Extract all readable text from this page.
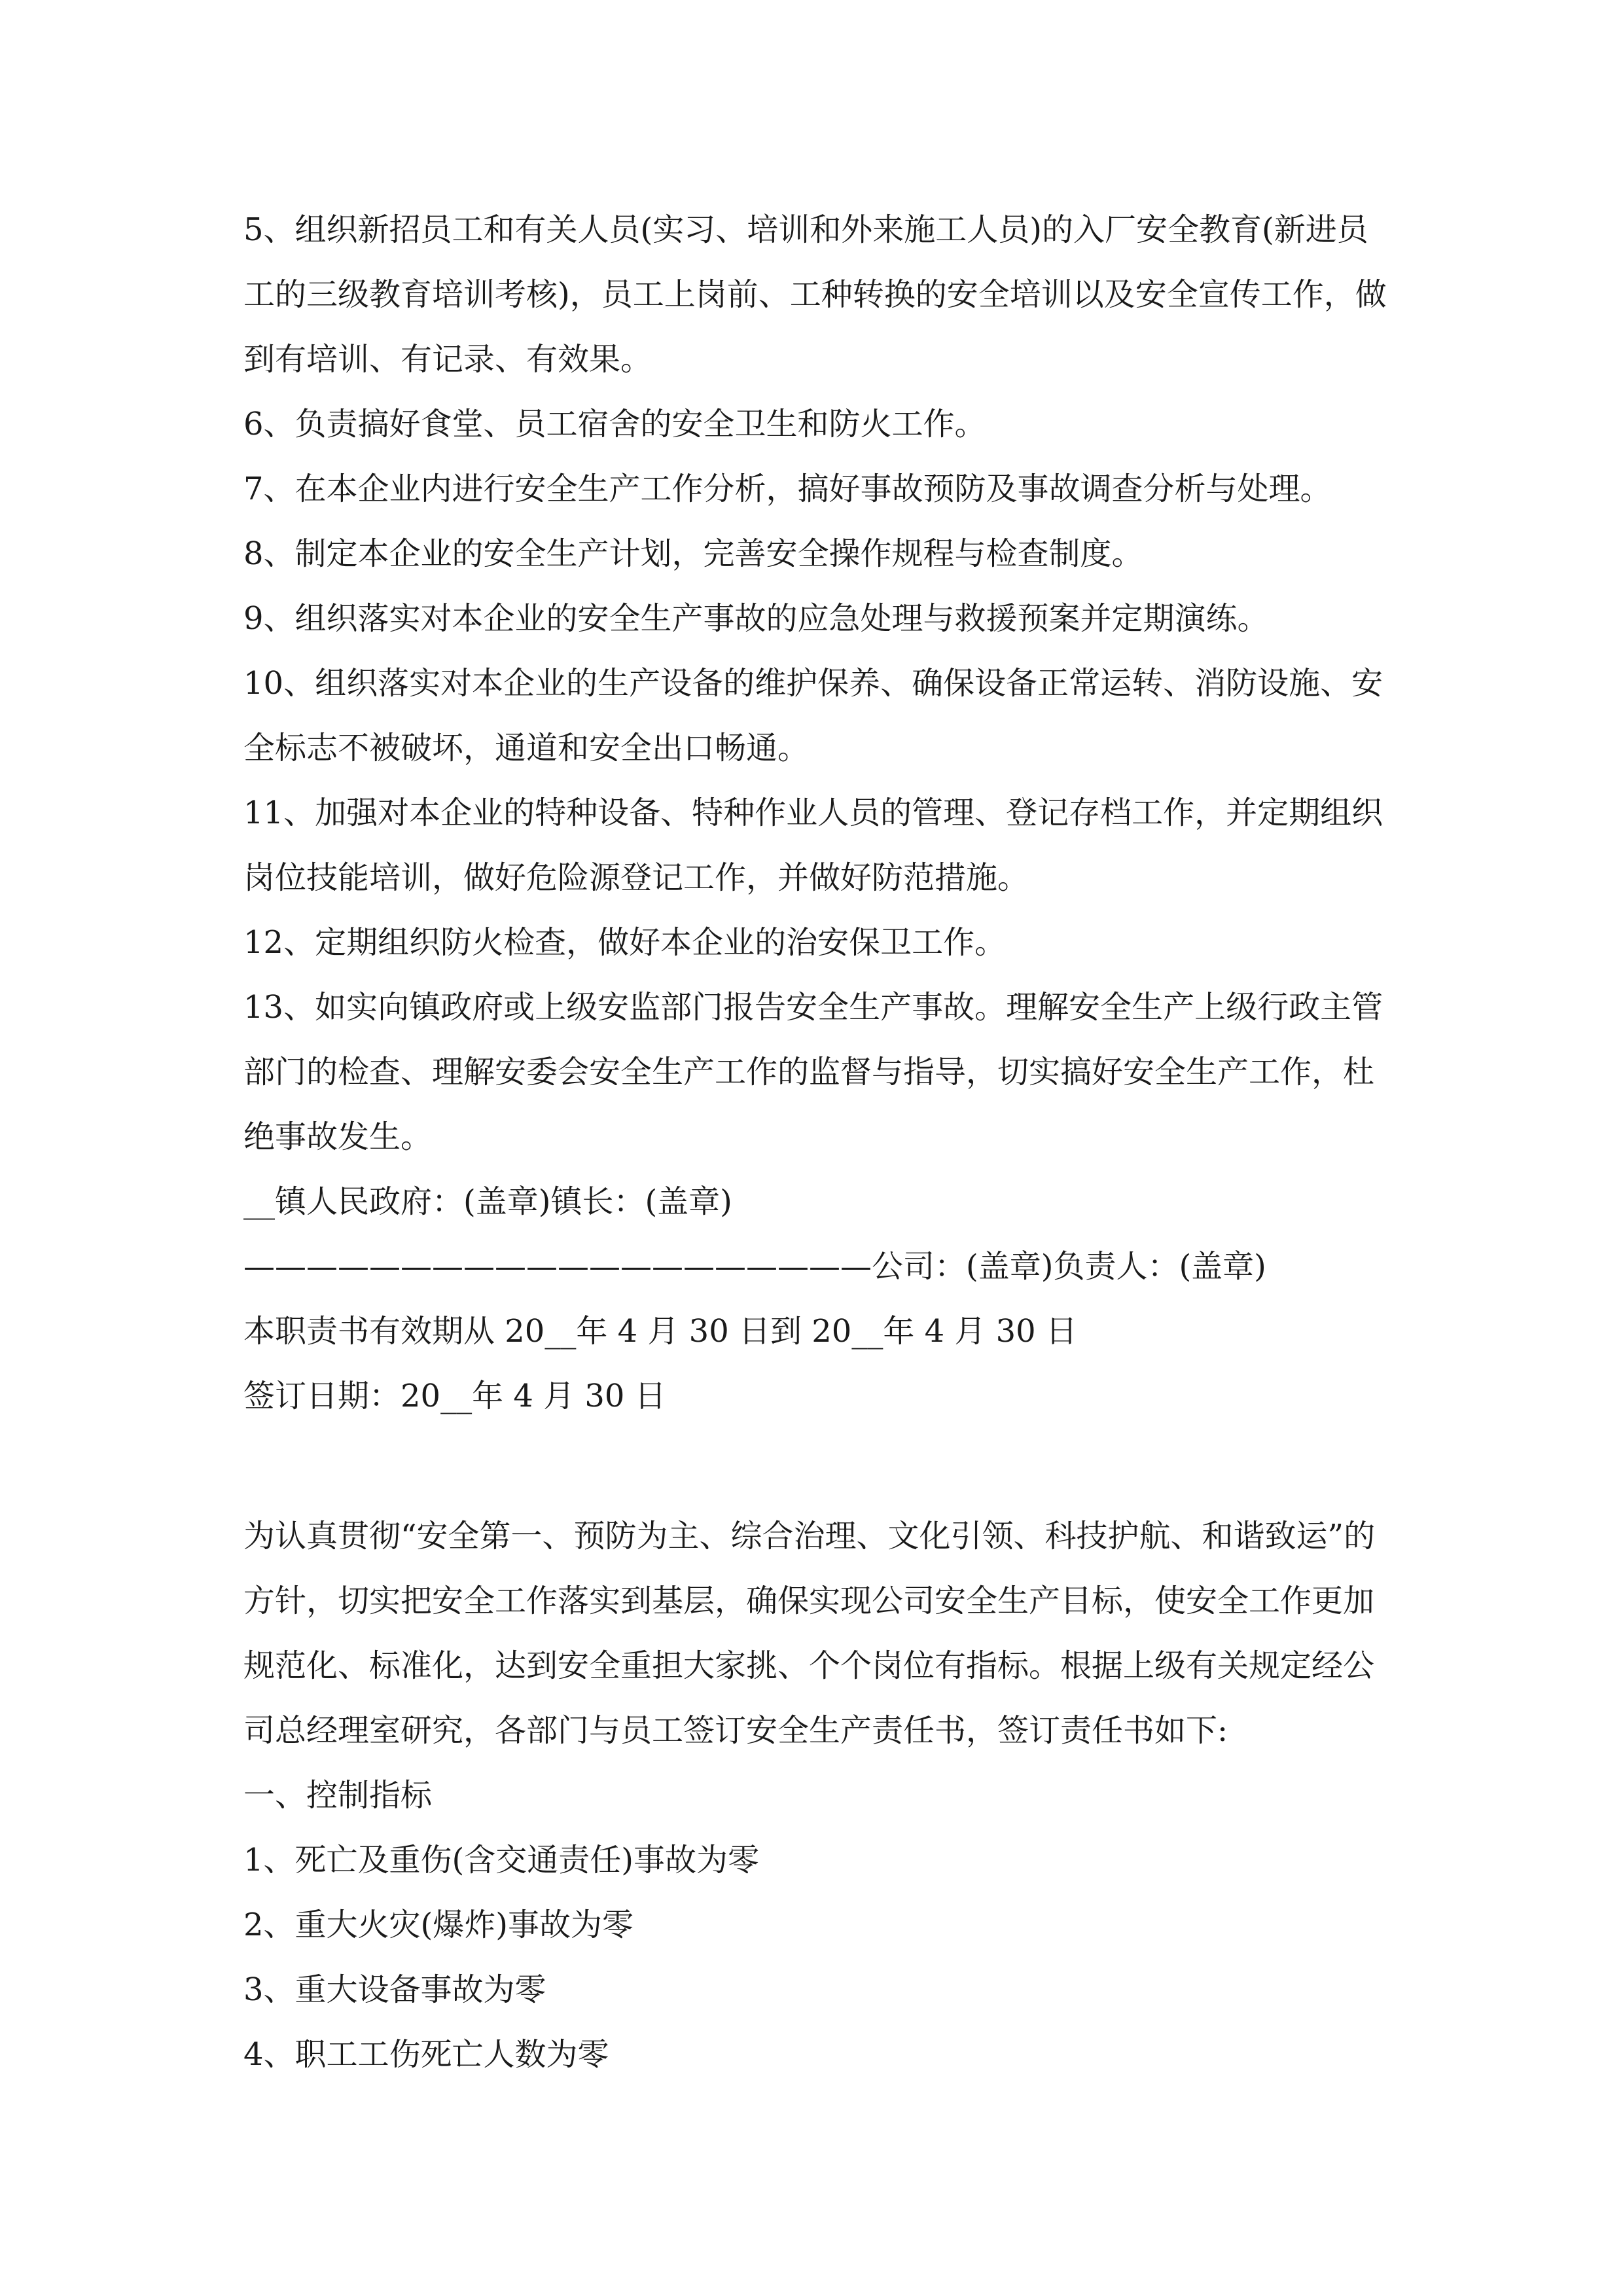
5、组织新招员工和有关人员(实习、培训和外来施工人员)的入厂安全教育(新进员工的三级教育培训考核)，员工上岗前、工种转换的安全培训以及安全宣传工作，做到有培训、有记录、有效果。

6、负责搞好食堂、员工宿舍的安全卫生和防火工作。

7、在本企业内进行安全生产工作分析，搞好事故预防及事故调查分析与处理。

8、制定本企业的安全生产计划，完善安全操作规程与检查制度。

9、组织落实对本企业的安全生产事故的应急处理与救援预案并定期演练。

10、组织落实对本企业的生产设备的维护保养、确保设备正常运转、消防设施、安全标志不被破坏，通道和安全出口畅通。

11、加强对本企业的特种设备、特种作业人员的管理、登记存档工作，并定期组织岗位技能培训，做好危险源登记工作，并做好防范措施。

12、定期组织防火检查，做好本企业的治安保卫工作。

13、如实向镇政府或上级安监部门报告安全生产事故。理解安全生产上级行政主管部门的检查、理解安委会安全生产工作的监督与指导，切实搞好安全生产工作，杜绝事故发生。

__镇人民政府：(盖章)镇长：(盖章)

————————————————————公司：(盖章)负责人：(盖章)

本职责书有效期从 20__年 4 月 30 日到 20__年 4 月 30 日

签订日期：20__年 4 月 30 日

为认真贯彻“安全第一、预防为主、综合治理、文化引领、科技护航、和谐致运”的方针，切实把安全工作落实到基层，确保实现公司安全生产目标，使安全工作更加规范化、标准化，达到安全重担大家挑、个个岗位有指标。根据上级有关规定经公司总经理室研究，各部门与员工签订安全生产责任书，签订责任书如下:

一、控制指标

1、死亡及重伤(含交通责任)事故为零

2、重大火灾(爆炸)事故为零

3、重大设备事故为零

4、职工工伤死亡人数为零
